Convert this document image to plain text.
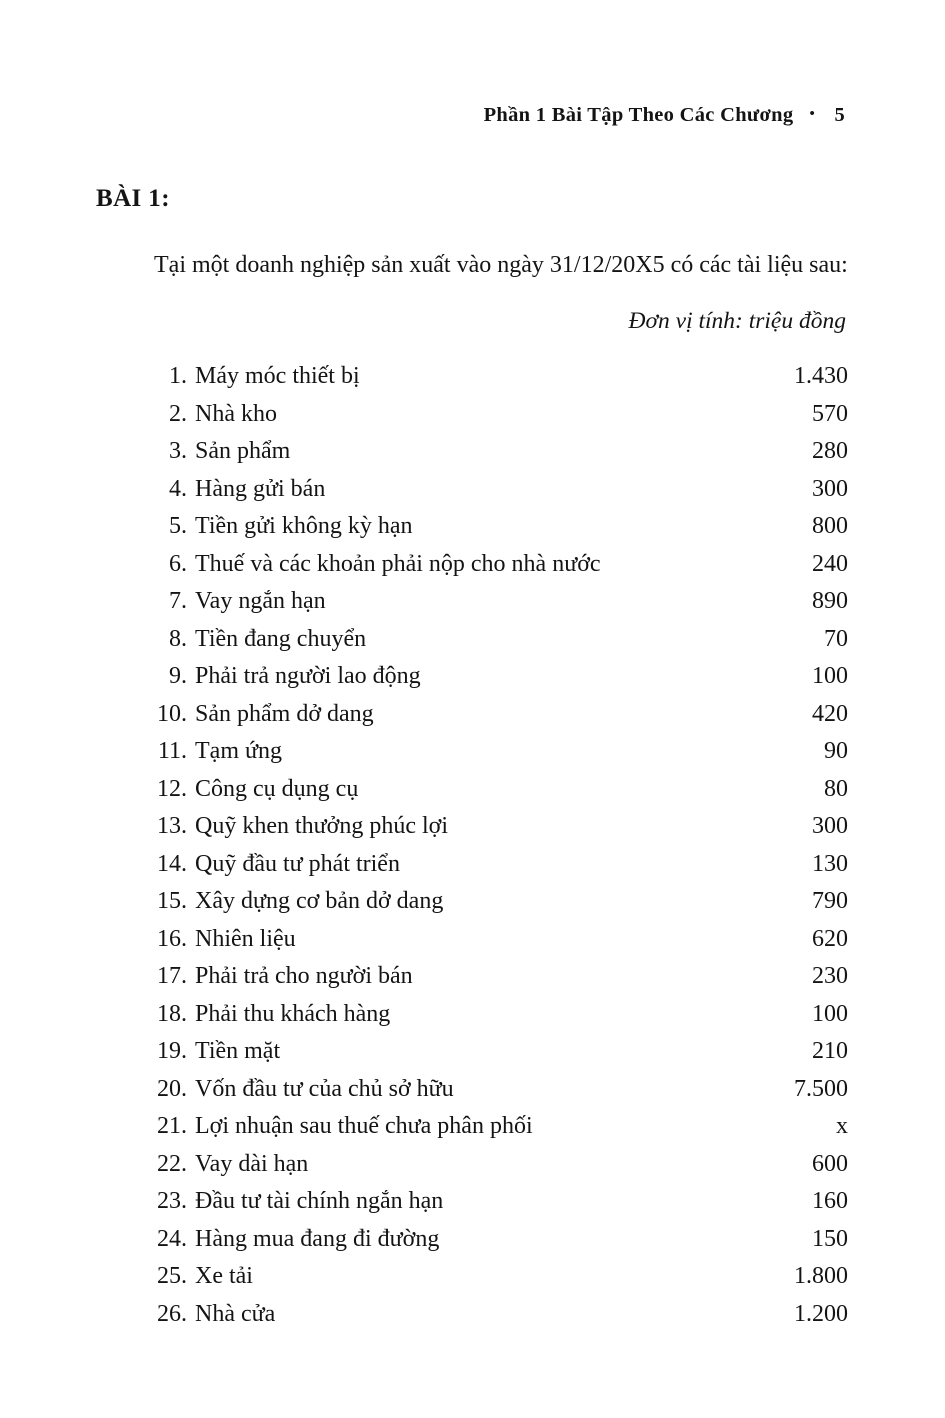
Phần 1 Bài Tập Theo Các Chương • 5
BÀI 1:

Tại một doanh nghiệp sản xuất vào ngày 31/12/20X5 có các tài liệu sau:

Đơn vị tính: triệu đồng
1. Máy móc thiết bị	1.430
2. Nhà kho	570
3. Sản phẩm	280
4. Hàng gửi bán	300
5. Tiền gửi không kỳ hạn	800
6. Thuế và các khoản phải nộp cho nhà nước	240
7. Vay ngắn hạn	890
8. Tiền đang chuyển	70
9. Phải trả người lao động	100
10. Sản phẩm dở dang	420
11. Tạm ứng	90
12. Công cụ dụng cụ	80
13. Quỹ khen thưởng phúc lợi	300
14. Quỹ đầu tư phát triển	130
15. Xây dựng cơ bản dở dang	790
16. Nhiên liệu	620
17. Phải trả cho người bán	230
18. Phải thu khách hàng	100
19. Tiền mặt	210
20. Vốn đầu tư của chủ sở hữu	7.500
21. Lợi nhuận sau thuế chưa phân phối	x
22. Vay dài hạn	600
23. Đầu tư tài chính ngắn hạn	160
24. Hàng mua đang đi đường	150
25. Xe tải	1.800
26. Nhà cửa	1.200
